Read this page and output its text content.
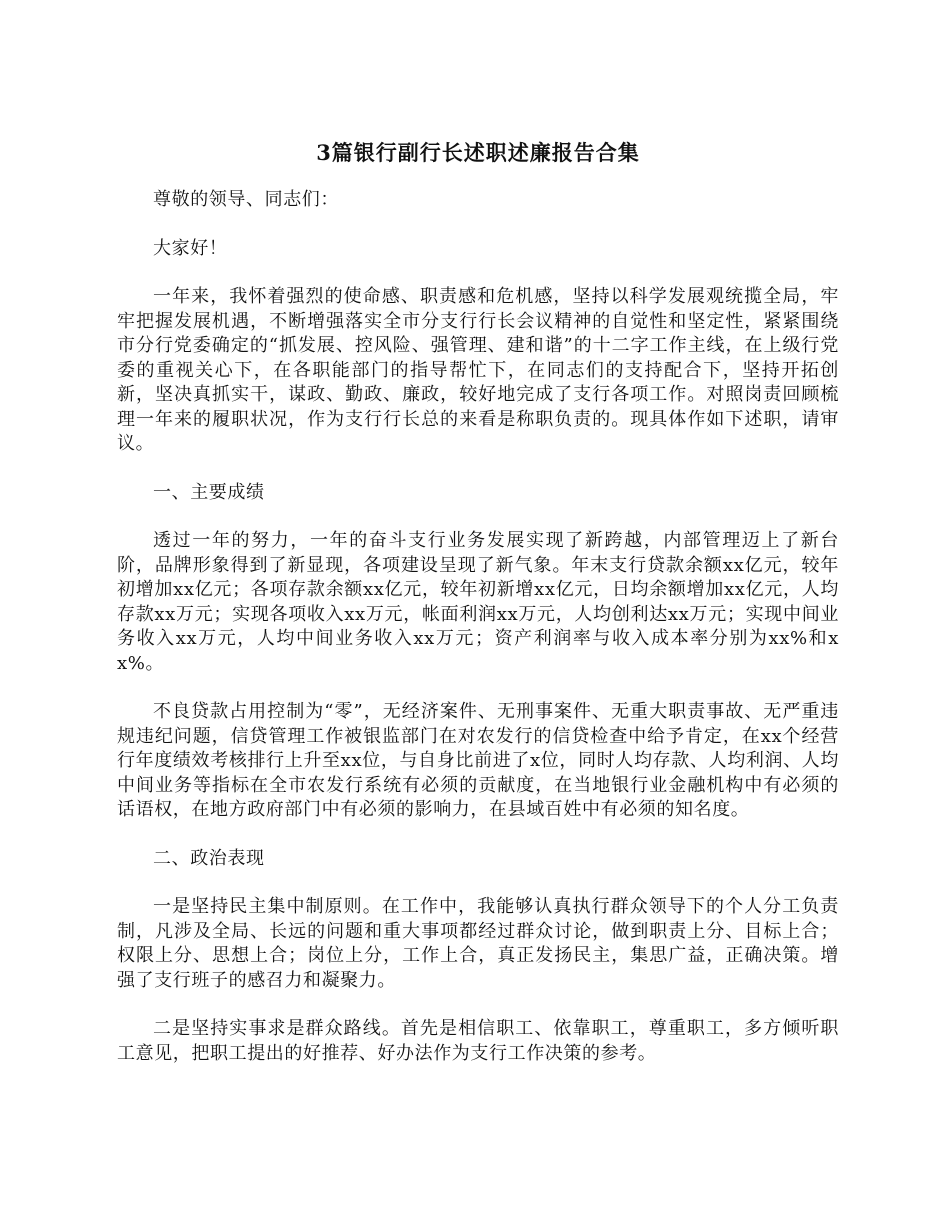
3篇银行副行长述职述廉报告合集

尊敬的领导、同志们：

大家好！

一年来，我怀着强烈的使命感、职责感和危机感，坚持以科学发展观统揽全局，牢牢把握发展机遇，不断增强落实全市分支行行长会议精神的自觉性和坚定性，紧紧围绕市分行党委确定的“抓发展、控风险、强管理、建和谐”的十二字工作主线，在上级行党委的重视关心下，在各职能部门的指导帮忙下，在同志们的支持配合下，坚持开拓创新，坚决真抓实干，谋政、勤政、廉政，较好地完成了支行各项工作。对照岗责回顾梳理一年来的履职状况，作为支行行长总的来看是称职负责的。现具体作如下述职，请审议。

一、主要成绩

透过一年的努力，一年的奋斗支行业务发展实现了新跨越，内部管理迈上了新台阶，品牌形象得到了新显现，各项建设呈现了新气象。年末支行贷款余额xx亿元，较年初增加xx亿元；各项存款余额xx亿元，较年初新增xx亿元，日均余额增加xx亿元，人均存款xx万元；实现各项收入xx万元，帐面利润xx万元，人均创利达xx万元；实现中间业务收入xx万元，人均中间业务收入xx万元；资产利润率与收入成本率分别为xx%和xx%。

不良贷款占用控制为“零”，无经济案件、无刑事案件、无重大职责事故、无严重违规违纪问题，信贷管理工作被银监部门在对农发行的信贷检查中给予肯定，在xx个经营行年度绩效考核排行上升至xx位，与自身比前进了x位，同时人均存款、人均利润、人均中间业务等指标在全市农发行系统有必须的贡献度，在当地银行业金融机构中有必须的话语权，在地方政府部门中有必须的影响力，在县域百姓中有必须的知名度。

二、政治表现

一是坚持民主集中制原则。在工作中，我能够认真执行群众领导下的个人分工负责制，凡涉及全局、长远的问题和重大事项都经过群众讨论，做到职责上分、目标上合；权限上分、思想上合；岗位上分，工作上合，真正发扬民主，集思广益，正确决策。增强了支行班子的感召力和凝聚力。

二是坚持实事求是群众路线。首先是相信职工、依靠职工，尊重职工，多方倾听职工意见，把职工提出的好推荐、好办法作为支行工作决策的参考。
